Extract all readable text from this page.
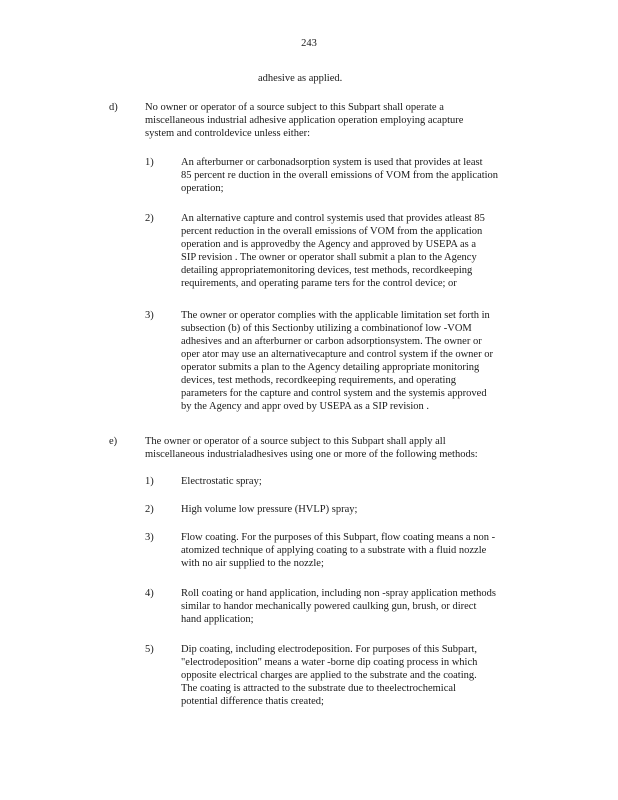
243
adhesive as applied.
d)	No owner or operator of a source subject to this Subpart shall operate a
miscellaneous industrial adhesive application operation employing acapture
system and controldevice unless either:
1)	An afterburner or carbonadsorption system is used that provides at least
85 percent re duction in the overall emissions of VOM from the application
operation;
2)	An alternative capture and control systemis used that provides atleast 85
percent reduction in the overall emissions of VOM from the application
operation and is approvedby the Agency and approved by USEPA as a
SIP revision . The owner or operator shall submit a plan to the Agency
detailing appropriatemonitoring devices, test methods, recordkeeping
requirements, and operating parame ters for the control device; or
3)	The owner or operator complies with the applicable limitation set forth in
subsection (b) of this Sectionby utilizing a combinationof low -VOM
adhesives and an afterburner or carbon adsorptionsystem. The owner or
oper ator may use an alternativecapture and control system if the owner or
operator submits a plan to the Agency detailing appropriate monitoring
devices, test methods, recordkeeping requirements, and operating
parameters for the capture and control system and the systemis approved
by the Agency and appr oved by USEPA as a SIP revision .
e)	The owner or operator of a source subject to this Subpart shall apply all
miscellaneous industrialadhesives using one or more of the following methods:
1)	Electrostatic spray;
2)	High volume low pressure (HVLP) spray;
3)	Flow coating. For the purposes of this Subpart, flow coating means a non -
atomized technique of applying coating to a substrate with a fluid nozzle
with no air supplied to the nozzle;
4)	Roll coating or hand application, including non -spray application methods
similar to handor mechanically powered caulking gun, brush, or direct
hand application;
5)	Dip coating, including electrodeposition. For purposes of this Subpart,
"electrodeposition" means a water -borne dip coating process in which
opposite electrical charges are applied to the substrate and the coating.
The coating is attracted to the substrate due to theelectrochemical
potential difference thatis created;
